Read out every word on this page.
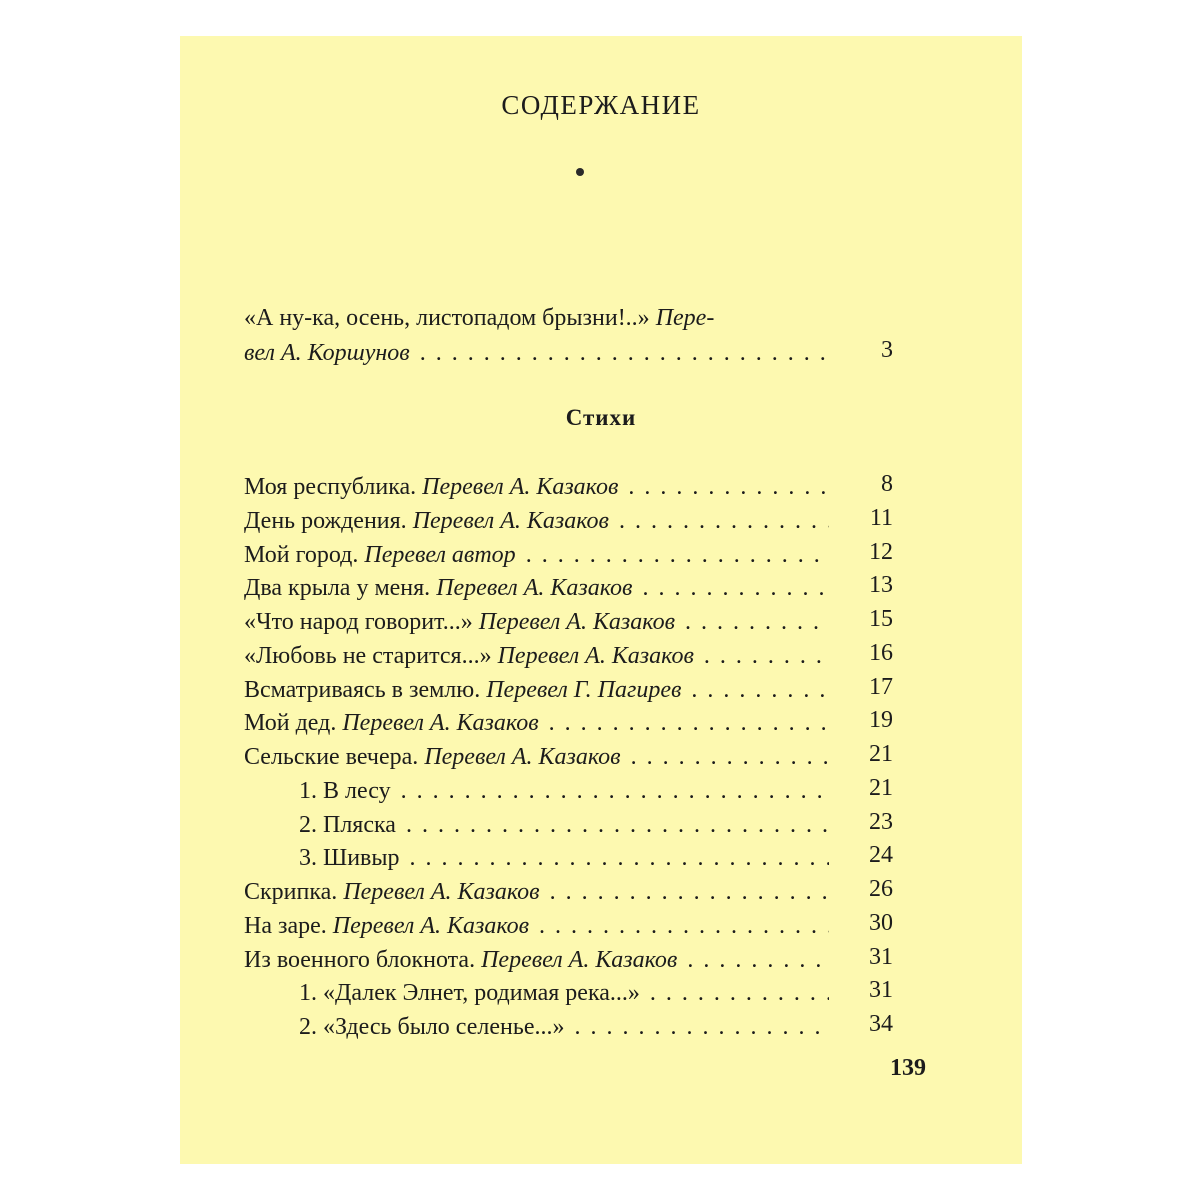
СОДЕРЖАНИЕ
«А ну-ка, осень, листопадом брызни!..» Пере-
вел А. Коршунов . .	3
Стихи
Моя республика. Перевел А. Казаков . .	8
День рождения. Перевел А. Казаков . .	11
Мой город. Перевел автор . .	12
Два крыла у меня. Перевел А. Казаков . .	13
«Что народ говорит...» Перевел А. Казаков . .	15
«Любовь не старится...» Перевел А. Казаков . .	16
Всматриваясь в землю. Перевел Г. Пагирев . .	17
Мой дед. Перевел А. Казаков . .	19
Сельские вечера. Перевел А. Казаков . .	21
1. В лесу . .	21
2. Пляска . .	23
3. Шивыр . .	24
Скрипка. Перевел А. Казаков . .	26
На заре. Перевел А. Казаков . .	30
Из военного блокнота. Перевел А. Казаков . .	31
1. «Далек Элнет, родимая река...» . .	31
2. «Здесь было селенье...» . .	34
139
